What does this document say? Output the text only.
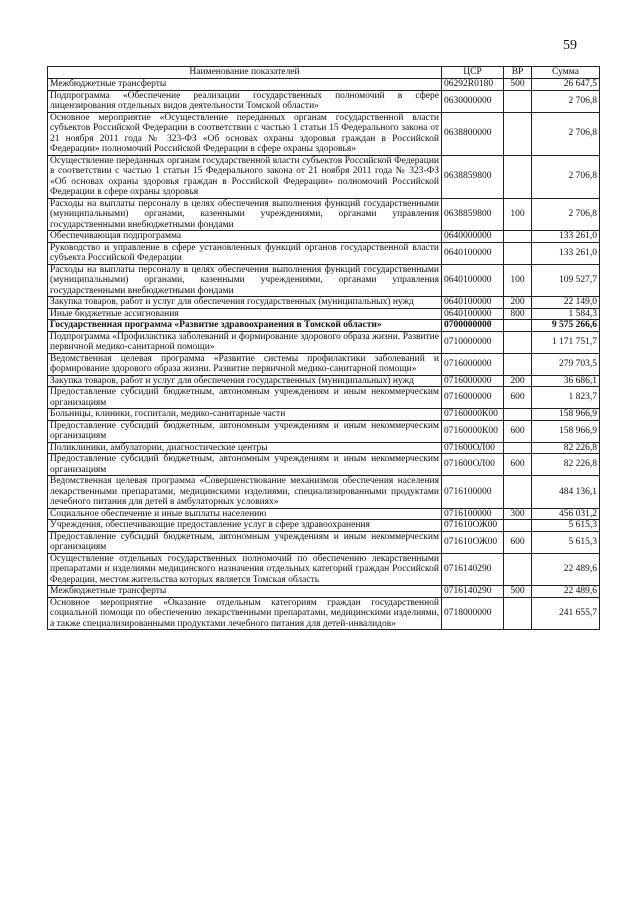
59
Наименование показателей	ЦСР	ВР	Сумма
Межбюджетные трансферты	06292R0180	500	26 647,5
Подпрограмма «Обеспечение реализации государственных полномочий в сфере лицензирования отдельных видов деятельности Томской области»	0630000000		2 706,8
Основное мероприятие «Осуществление переданных органам государственной власти субъектов Российской Федерации в соответствии с частью 1 статьи 15 Федерального закона от 21 ноября 2011 года № 323-ФЗ «Об основах охраны здоровья граждан в Российской Федерации» полномочий Российской Федерации в сфере охраны здоровья»	0638800000		2 706,8
Осуществление переданных органам государственной власти субъектов Российской Федерации в соответствии с частью 1 статьи 15 Федерального закона от 21 ноября 2011 года № 323-ФЗ «Об основах охраны здоровья граждан в Российской Федерации» полномочий Российской Федерации в сфере охраны здоровья	0638859800		2 706,8
Расходы на выплаты персоналу в целях обеспечения выполнения функций государственными (муниципальными) органами, казенными учреждениями, органами управления государственными внебюджетными фондами	0638859800	100	2 706,8
Обеспечивающая подпрограмма	0640000000		133 261,0
Руководство и управление в сфере установленных функций органов государственной власти субъекта Российской Федерации	0640100000		133 261,0
Расходы на выплаты персоналу в целях обеспечения выполнения функций государственными (муниципальными) органами, казенными учреждениями, органами управления государственными внебюджетными фондами	0640100000	100	109 527,7
Закупка товаров, работ и услуг для обеспечения государственных (муниципальных) нужд	0640100000	200	22 149,0
Иные бюджетные ассигнования	0640100000	800	1 584,3
Государственная программа «Развитие здравоохранения в Томской области»	0700000000		9 575 266,6
Подпрограмма «Профилактика заболеваний и формирование здорового образа жизни. Развитие первичной медико-санитарной помощи»	0710000000		1 171 751,7
Ведомственная целевая программа «Развитие системы профилактики заболеваний и формирование здорового образа жизни. Развитие первичной медико-санитарной помощи»	0716000000		279 703,5
Закупка товаров, работ и услуг для обеспечения государственных (муниципальных) нужд	0716000000	200	36 686,1
Предоставление субсидий бюджетным, автономным учреждениям и иным некоммерческим организациям	0716000000	600	1 823,7
Больницы, клиники, госпитали, медико-санитарные части	07160000К00		158 966,9
Предоставление субсидий бюджетным, автономным учреждениям и иным некоммерческим организациям	07160000К00	600	158 966,9
Поликлиники, амбулатории, диагностические центры	071600ОЛ00		82 226,8
Предоставление субсидий бюджетным, автономным учреждениям и иным некоммерческим организациям	071600ОЛ00	600	82 226,8
Ведомственная целевая программа «Совершенствование механизмов обеспечения населения лекарственными препаратами, медицинскими изделиями, специализированными продуктами лечебного питания для детей в амбулаторных условиях»	0716100000		484 136,1
Социальное обеспечение и иные выплаты населению	0716100000	300	456 031,2
Учреждения, обеспечивающие предоставление услуг в сфере здравоохранения	071610ОЖ00		5 615,3
Предоставление субсидий бюджетным, автономным учреждениям и иным некоммерческим организациям	071610ОЖ00	600	5 615,3
Осуществление отдельных государственных полномочий по обеспечению лекарственными препаратами и изделиями медицинского назначения отдельных категорий граждан Российской Федерации, местом жительства которых является Томская область	0716140290		22 489,6
Межбюджетные трансферты	0716140290	500	22 489,6
Основное мероприятие «Оказание отдельным категориям граждан государственной социальной помощи по обеспечению лекарственными препаратами, медицинскими изделиями, а также специализированными продуктами лечебного питания для детей-инвалидов»	0718000000		241 655,7
